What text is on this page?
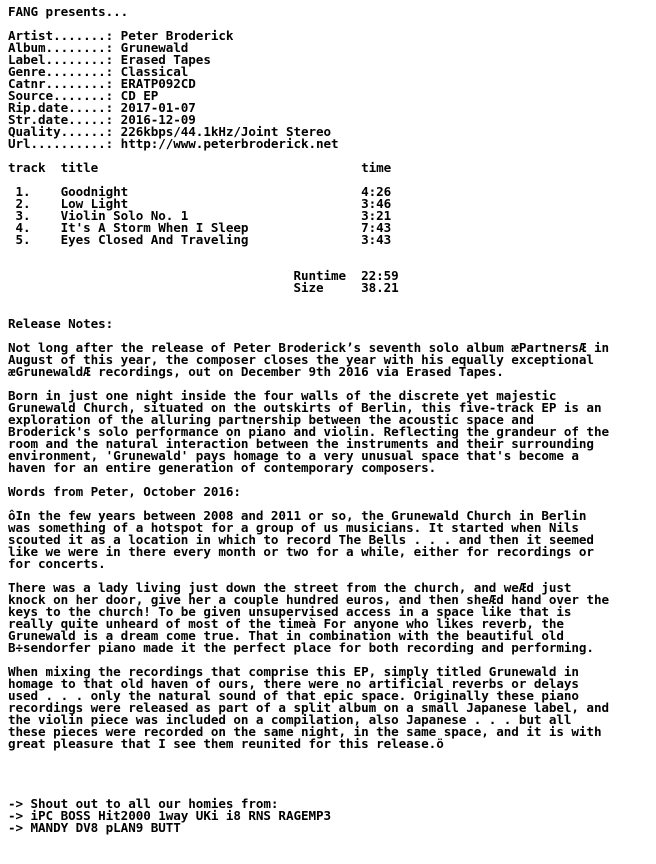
FANG presents...
Artist.......: Peter Broderick
Album........: Grunewald
Label........: Erased Tapes
Genre........: Classical
Catnr........: ERATP092CD
Source.......: CD EP
Rip.date.....: 2017-01-07
Str.date.....: 2016-12-09
Quality......: 226kbps/44.1kHz/Joint Stereo
Url..........: http://www.peterbroderick.net
track  title                                   time
1.    Goodnight                               4:26
2.    Low Light                               3:46
3.    Violin Solo No. 1                       3:21
4.    It's A Storm When I Sleep               7:43
5.    Eyes Closed And Traveling               3:43
Runtime  22:59
Size     38.21
Release Notes:
Not long after the release of Peter Broderickʼs seventh solo album æPartnersÆ in
August of this year, the composer closes the year with his equally exceptional
æGrunewaldÆ recordings, out on December 9th 2016 via Erased Tapes.
Born in just one night inside the four walls of the discrete yet majestic
Grunewald Church, situated on the outskirts of Berlin, this five-track EP is an
exploration of the alluring partnership between the acoustic space and
Broderick's solo performance on piano and violin. Reflecting the grandeur of the
room and the natural interaction between the instruments and their surrounding
environment, 'Grunewald' pays homage to a very unusual space that's become a
haven for an entire generation of contemporary composers.
Words from Peter, October 2016:
ôIn the few years between 2008 and 2011 or so, the Grunewald Church in Berlin
was something of a hotspot for a group of us musicians. It started when Nils
scouted it as a location in which to record The Bells . . . and then it seemed
like we were in there every month or two for a while, either for recordings or
for concerts.
There was a lady living just down the street from the church, and weÆd just
knock on her door, give her a couple hundred euros, and then sheÆd hand over the
keys to the church! To be given unsupervised access in a space like that is
really quite unheard of most of the timeà For anyone who likes reverb, the
Grunewald is a dream come true. That in combination with the beautiful old
B÷sendorfer piano made it the perfect place for both recording and performing.
When mixing the recordings that comprise this EP, simply titled Grunewald in
homage to that old haven of ours, there were no artificial reverbs or delays
used . . . only the natural sound of that epic space. Originally these piano
recordings were released as part of a split album on a small Japanese label, and
the violin piece was included on a compilation, also Japanese . . . but all
these pieces were recorded on the same night, in the same space, and it is with
great pleasure that I see them reunited for this release.ö
-> Shout out to all our homies from:
-> iPC BOSS Hit2000 1way UKi i8 RNS RAGEMP3
-> MANDY DV8 pLAN9 BUTT
